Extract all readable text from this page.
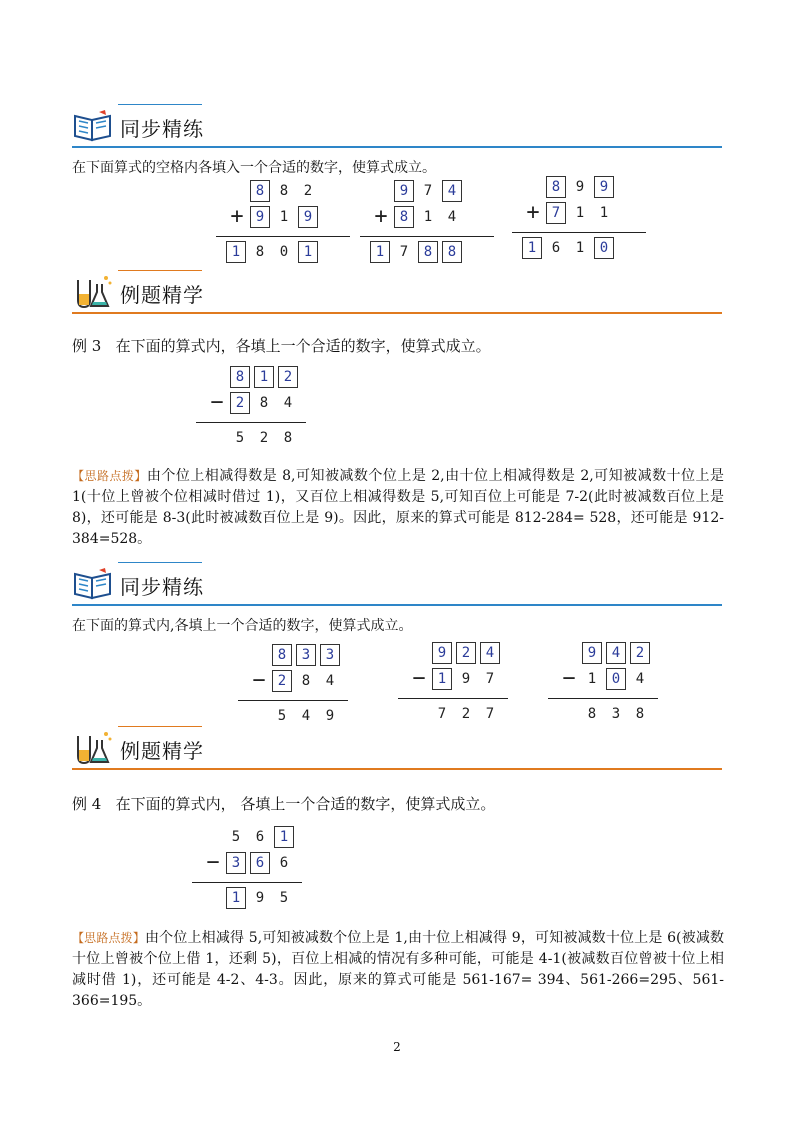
同步精练
在下面算式的空格内各填入一个合适的数字，使算式成立。
8	8	2
+ 9	1	9
1	8	0	1
9	7	4
+ 8	1	4
1	7	8	8
8	9	9
+ 7	1	1
1	6	1	0
例题精学
例 3 在下面的算式内，各填上一个合适的数字，使算式成立。
8	1	2
− 2	8	4
5	2	8
【思路点拨】由个位上相减得数是 8,可知被减数个位上是 2,由十位上相减得数是 2,可知被减数十位上是 1(十位上曾被个位相减时借过 1)，又百位上相减得数是 5,可知百位上可能是 7-2(此时被减数百位上是 8)，还可能是 8-3(此时被减数百位上是 9)。因此，原来的算式可能是 812-284= 528，还可能是 912- 384=528。
同步精练
在下面的算式内,各填上一个合适的数字，使算式成立。
8	3	3
− 2	8	4
5	4	9
9	2	4
− 1	9	7
7	2	7
9	4	2
− 1	0	4
8	3	8
例题精学
例 4 在下面的算式内， 各填上一个合适的数字，使算式成立。
5	6	1
− 3	6	6
1	9	5
【思路点拨】由个位上相减得 5,可知被减数个位上是 1,由十位上相减得 9，可知被减数十位上是 6(被减数十位上曾被个位上借 1，还剩 5)，百位上相减的情况有多种可能，可能是 4-1(被减数百位曾被十位上相减时借 1)，还可能是 4-2、4-3。因此，原来的算式可能是 561-167= 394、561-266=295、561-366=195。
2
